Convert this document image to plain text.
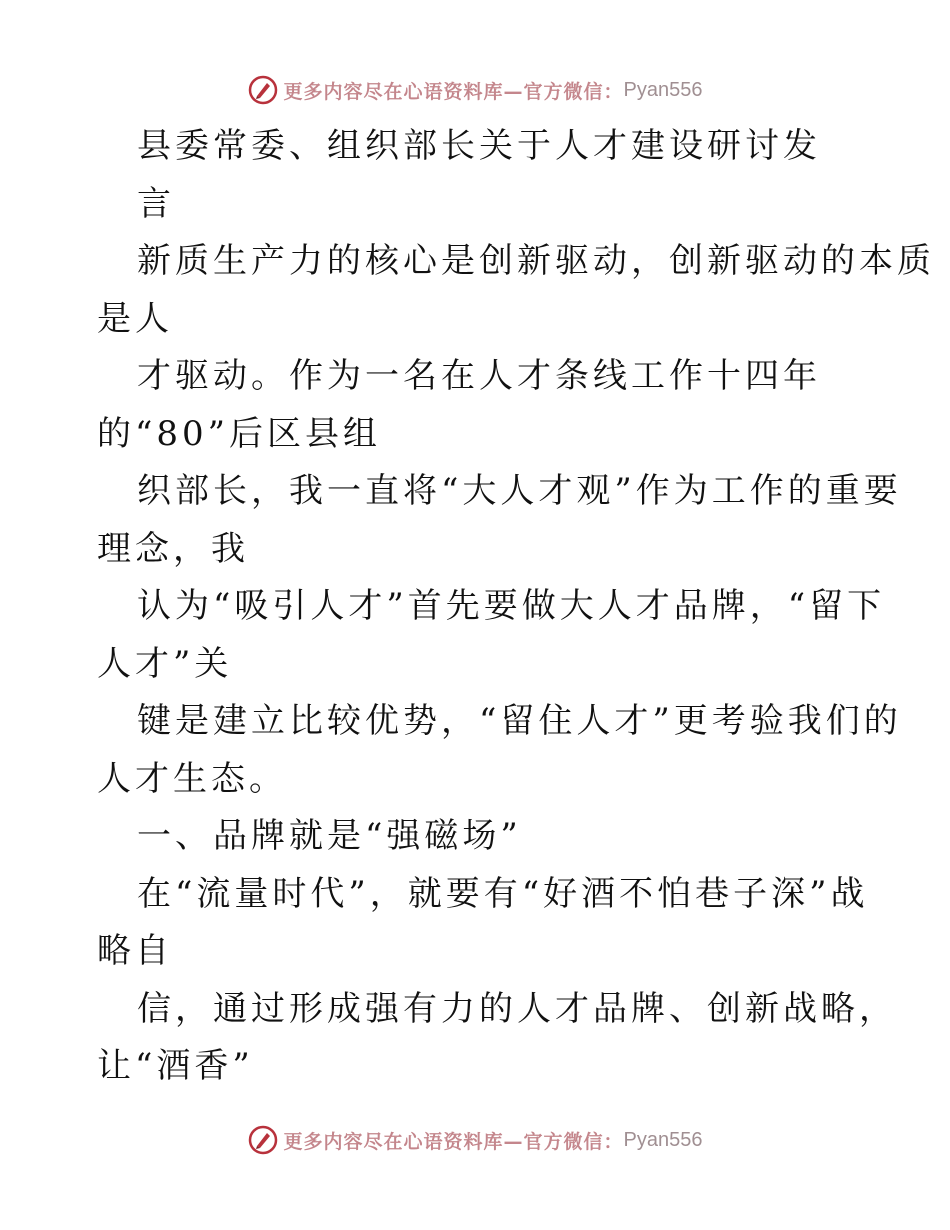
更多内容尽在心语资料库—官方微信： Pyan556
县委常委、组织部长关于人才建设研讨发
言
新质生产力的核心是创新驱动，创新驱动的本质
是人
才驱动。作为一名在人才条线工作十四年
的“80”后区县组
织部长，我一直将“大人才观”作为工作的重要
理念，我
认为“吸引人才”首先要做大人才品牌，“留下
人才”关
键是建立比较优势，“留住人才”更考验我们的
人才生态。
一、品牌就是“强磁场”
在“流量时代”，就要有“好酒不怕巷子深”战
略自
信，通过形成强有力的人才品牌、创新战略，
让“酒香”
更多内容尽在心语资料库—官方微信： Pyan556
